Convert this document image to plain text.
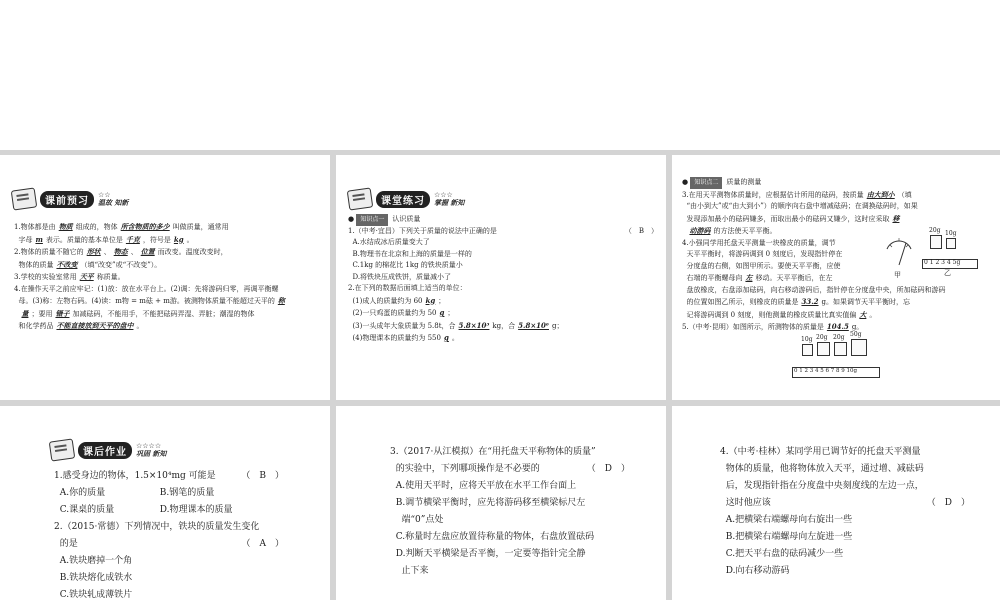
课前预习
☆☆
温故 知新

1.物体都是由 物质 组成的，物体 所含物质的多少 叫做质量，通常用

字母 m 表示。质量的基本单位是 千克 ，符号是 kg 。

2.物体的质量不随它的 形状 、 物态 、 位置 而改变。温度改变时，

物体的质量 不改变 （填“改变”或“不改变”）。

3.学校的实验室常用 天平 称质量。

4.在操作天平之前应牢记：(1)放：放在水平台上。(2)调：先将游码归零，再调平衡螺

母。(3)称：左物右码。(4)读：m物 = m砝 + m游。被测物体质量不能超过天平的 称

量 ；要用 镊子 加减砝码，不能用手，不能把砝码弄湿、弄脏；潮湿的物体

和化学药品 不能直接放到天平的盘中 。

课堂练习
☆☆☆
掌握 新知

● 知识点一 认识质量

1.（中考·宜昌）下列关于质量的说法中正确的是	（　B　）

A.水结成冰后质量变大了

B.物理书在北京和上海的质量是一样的

C.1kg 的棉花比 1kg 的铁块质量小

D.将铁块压成铁饼，质量减小了

2.在下列的数据后面填上适当的单位：

(1)成人的质量约为 60 kg ；

(2)一只鸡蛋的质量约为 50 g ；

(3)一头成年大象质量为 5.8t，合 5.8×10³ kg，合 5.8×10⁶ g；

(4)物理课本的质量约为 550 g 。

● 知识点二 质量的测量

3.在用天平测物体质量时，应根据估计所用的砝码，按质量 由大到小 （填

“由小到大”或“由大到小”）的顺序向右盘中增减砝码；在调换砝码时，如果

发现添加最小的砝码嫌多，而取出最小的砝码又嫌少，这时应采取 移

动游码 的方法使天平平衡。

4.小强同学用托盘天平测量一块橡皮的质量，调节

天平平衡时，将游码调到 0 刻度后，发现指针停在

分度盘的右侧，如图甲所示。要使天平平衡，应使

右端的平衡螺母向 左 移动。天平平衡后，在左

盘放橡皮，右盘添加砝码，向右移动游码后，指针停在分度盘中央，所加砝码和游码

的位置如图乙所示，则橡皮的质量是 33.2 g。如果调节天平平衡时，忘

记将游码调到 0 刻度，则他测量的橡皮质量比真实值偏 大 。

5.（中考·昆明）如图所示，所测物体的质量是 104.5 g。

甲
20g 10g
0 1 2 3 4 5g
乙
10g 20g 20g 50g
0 1 2 3 4 5 6 7 8 9 10g
课后作业
☆☆☆☆
巩固 新知

1.感受身边的物体，1.5×10⁴mg 可能是	（　B　）

A.你的质量	B.钢笔的质量

C.课桌的质量	D.物理课本的质量

2.（2015·常德）下列情况中，铁块的质量发生变化

的是	（　A　）

A.铁块磨掉一个角

B.铁块熔化成铁水

C.铁块轧成薄铁片

3.（2017·从江模拟）在“用托盘天平称物体的质量”

的实验中，下列哪项操作是不必要的	（　D　）

A.使用天平时，应将天平放在水平工作台面上

B.调节横梁平衡时，应先将游码移至横梁标尺左

端“0”点处

C.称量时左盘应放置待称量的物体，右盘放置砝码

D.判断天平横梁是否平衡，一定要等指针完全静

止下来

4.（中考·桂林）某同学用已调节好的托盘天平测量

物体的质量，他将物体放入天平，通过增、减砝码

后，发现指针指在分度盘中央刻度线的左边一点，

这时他应该	（　D　）

A.把横梁右端螺母向右旋出一些

B.把横梁右端螺母向左旋进一些

C.把天平右盘的砝码减少一些

D.向右移动游码
